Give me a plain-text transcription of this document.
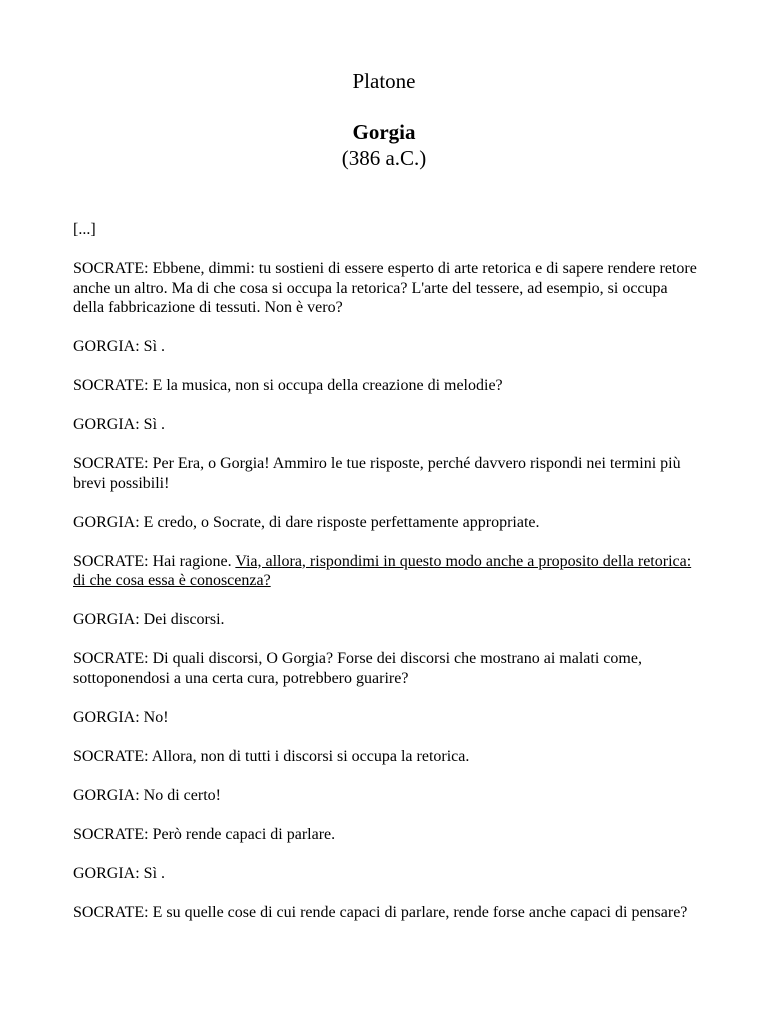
Platone
Gorgia
(386 a.C.)

[...]

SOCRATE: Ebbene, dimmi: tu sostieni di essere esperto di arte retorica e di sapere rendere retore anche un altro. Ma di che cosa si occupa la retorica? L'arte del tessere, ad esempio, si occupa della fabbricazione di tessuti. Non è vero?

GORGIA: Sì .

SOCRATE: E la musica, non si occupa della creazione di melodie?

GORGIA: Sì .

SOCRATE: Per Era, o Gorgia! Ammiro le tue risposte, perché davvero rispondi nei termini più brevi possibili!

GORGIA: E credo, o Socrate, di dare risposte perfettamente appropriate.

SOCRATE: Hai ragione. Via, allora, rispondimi in questo modo anche a proposito della retorica: di che cosa essa è conoscenza?

GORGIA: Dei discorsi.

SOCRATE: Di quali discorsi, O Gorgia? Forse dei discorsi che mostrano ai malati come, sottoponendosi a una certa cura, potrebbero guarire?

GORGIA: No!

SOCRATE: Allora, non di tutti i discorsi si occupa la retorica.

GORGIA: No di certo!

SOCRATE: Però rende capaci di parlare.

GORGIA: Sì .

SOCRATE: E su quelle cose di cui rende capaci di parlare, rende forse anche capaci di pensare?
